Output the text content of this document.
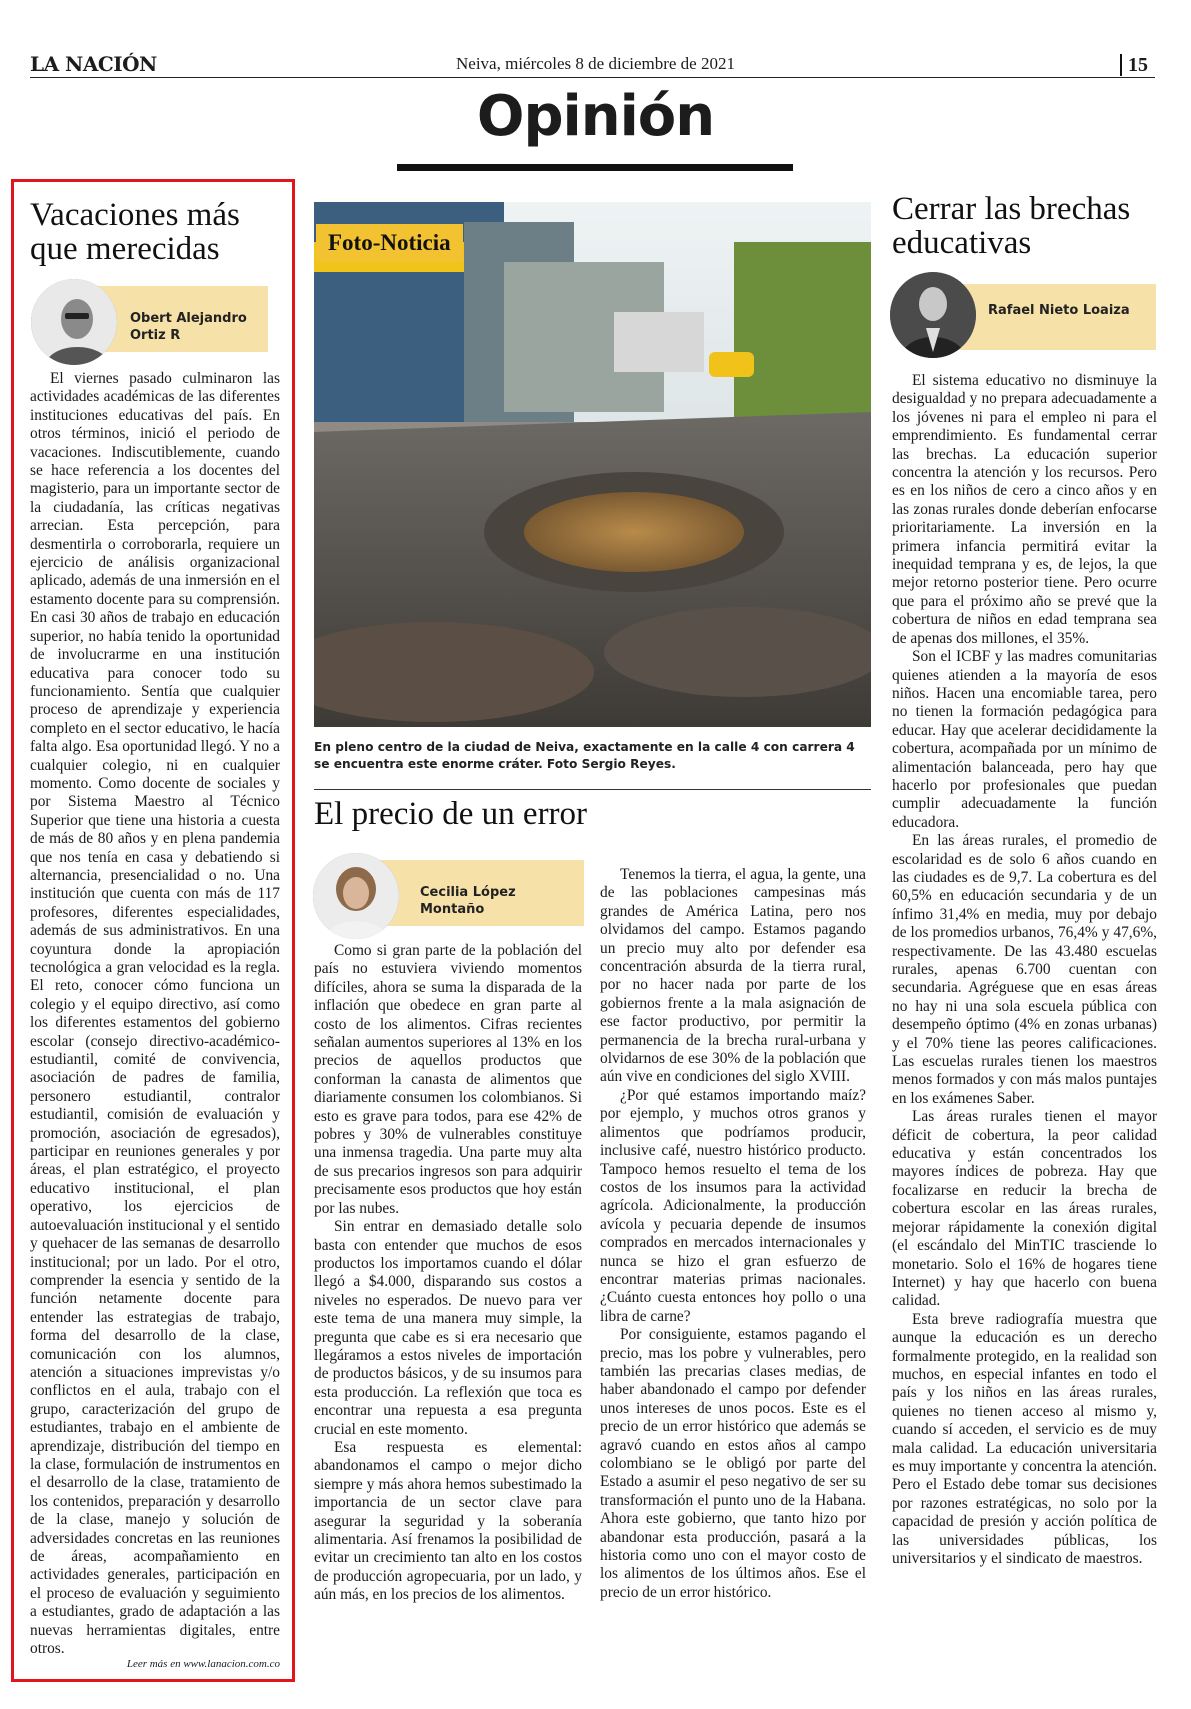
LA NACIÓN	Neiva, miércoles 8 de diciembre de 2021	15
Opinión
Vacaciones más que merecidas
Obert Alejandro Ortiz R

El viernes pasado culminaron las actividades académicas de las diferentes instituciones educativas del país. En otros términos, inició el periodo de vacaciones. Indiscutiblemente, cuando se hace referencia a los docentes del magisterio, para un importante sector de la ciudadanía, las críticas negativas arrecian. Esta percepción, para desmentirla o corroborarla, requiere un ejercicio de análisis organizacional aplicado, además de una inmersión en el estamento docente para su comprensión. En casi 30 años de trabajo en educación superior, no había tenido la oportunidad de involucrarme en una institución educativa para conocer todo su funcionamiento. Sentía que cualquier proceso de aprendizaje y experiencia completo en el sector educativo, le hacía falta algo. Esa oportunidad llegó. Y no a cualquier colegio, ni en cualquier momento. Como docente de sociales y por Sistema Maestro al Técnico Superior que tiene una historia a cuesta de más de 80 años y en plena pandemia que nos tenía en casa y debatiendo si alternancia, presencialidad o no. Una institución que cuenta con más de 117 profesores, diferentes especialidades, además de sus administrativos. En una coyuntura donde la apropiación tecnológica a gran velocidad es la regla. El reto, conocer cómo funciona un colegio y el equipo directivo, así como los diferentes estamentos del gobierno escolar (consejo directivo-académico-estudiantil, comité de convivencia, asociación de padres de familia, personero estudiantil, contralor estudiantil, comisión de evaluación y promoción, asociación de egresados), participar en reuniones generales y por áreas, el plan estratégico, el proyecto educativo institucional, el plan operativo, los ejercicios de autoevaluación institucional y el sentido y quehacer de las semanas de desarrollo institucional; por un lado. Por el otro, comprender la esencia y sentido de la función netamente docente para entender las estrategias de trabajo, forma del desarrollo de la clase, comunicación con los alumnos, atención a situaciones imprevistas y/o conflictos en el aula, trabajo con el grupo, caracterización del grupo de estudiantes, trabajo en el ambiente de aprendizaje, distribución del tiempo en la clase, formulación de instrumentos en el desarrollo de la clase, tratamiento de los contenidos, preparación y desarrollo de la clase, manejo y solución de adversidades concretas en las reuniones de áreas, acompañamiento en actividades generales, participación en el proceso de evaluación y seguimiento a estudiantes, grado de adaptación a las nuevas herramientas digitales, entre otros.

Leer más en www.lanacion.com.co
Foto-Noticia
En pleno centro de la ciudad de Neiva, exactamente en la calle 4 con carrera 4 se encuentra este enorme cráter. Foto Sergio Reyes.
El precio de un error
Cecilia López Montaño

Como si gran parte de la población del país no estuviera viviendo momentos difíciles, ahora se suma la disparada de la inflación que obedece en gran parte al costo de los alimentos. Cifras recientes señalan aumentos superiores al 13% en los precios de aquellos productos que conforman la canasta de alimentos que diariamente consumen los colombianos. Si esto es grave para todos, para ese 42% de pobres y 30% de vulnerables constituye una inmensa tragedia. Una parte muy alta de sus precarios ingresos son para adquirir precisamente esos productos que hoy están por las nubes.

Sin entrar en demasiado detalle solo basta con entender que muchos de esos productos los importamos cuando el dólar llegó a $4.000, disparando sus costos a niveles no esperados. De nuevo para ver este tema de una manera muy simple, la pregunta que cabe es si era necesario que llegáramos a estos niveles de importación de productos básicos, y de su insumos para esta producción. La reflexión que toca es encontrar una repuesta a esa pregunta crucial en este momento.

Esa respuesta es elemental: abandonamos el campo o mejor dicho siempre y más ahora hemos subestimado la importancia de un sector clave para asegurar la seguridad y la soberanía alimentaria. Así frenamos la posibilidad de evitar un crecimiento tan alto en los costos de producción agropecuaria, por un lado, y aún más, en los precios de los alimentos.

Tenemos la tierra, el agua, la gente, una de las poblaciones campesinas más grandes de América Latina, pero nos olvidamos del campo. Estamos pagando un precio muy alto por defender esa concentración absurda de la tierra rural, por no hacer nada por parte de los gobiernos frente a la mala asignación de ese factor productivo, por permitir la permanencia de la brecha rural-urbana y olvidarnos de ese 30% de la población que aún vive en condiciones del siglo XVIII.

¿Por qué estamos importando maíz? por ejemplo, y muchos otros granos y alimentos que podríamos producir, inclusive café, nuestro histórico producto. Tampoco hemos resuelto el tema de los costos de los insumos para la actividad agrícola. Adicionalmente, la producción avícola y pecuaria depende de insumos comprados en mercados internacionales y nunca se hizo el gran esfuerzo de encontrar materias primas nacionales. ¿Cuánto cuesta entonces hoy pollo o una libra de carne?

Por consiguiente, estamos pagando el precio, mas los pobre y vulnerables, pero también las precarias clases medias, de haber abandonado el campo por defender unos intereses de unos pocos. Este es el precio de un error histórico que además se agravó cuando en estos años al campo colombiano se le obligó por parte del Estado a asumir el peso negativo de ser su transformación el punto uno de la Habana. Ahora este gobierno, que tanto hizo por abandonar esta producción, pasará a la historia como uno con el mayor costo de los alimentos de los últimos años. Ese el precio de un error histórico.

Cerrar las brechas educativas
Rafael Nieto Loaiza

El sistema educativo no disminuye la desigualdad y no prepara adecuadamente a los jóvenes ni para el empleo ni para el emprendimiento. Es fundamental cerrar las brechas. La educación superior concentra la atención y los recursos. Pero es en los niños de cero a cinco años y en las zonas rurales donde deberían enfocarse prioritariamente. La inversión en la primera infancia permitirá evitar la inequidad temprana y es, de lejos, la que mejor retorno posterior tiene. Pero ocurre que para el próximo año se prevé que la cobertura de niños en edad temprana sea de apenas dos millones, el 35%.

Son el ICBF y las madres comunitarias quienes atienden a la mayoría de esos niños. Hacen una encomiable tarea, pero no tienen la formación pedagógica para educar. Hay que acelerar decididamente la cobertura, acompañada por un mínimo de alimentación balanceada, pero hay que hacerlo por profesionales que puedan cumplir adecuadamente la función educadora.

En las áreas rurales, el promedio de escolaridad es de solo 6 años cuando en las ciudades es de 9,7. La cobertura es del 60,5% en educación secundaria y de un ínfimo 31,4% en media, muy por debajo de los promedios urbanos, 76,4% y 47,6%, respectivamente. De las 43.480 escuelas rurales, apenas 6.700 cuentan con secundaria. Agréguese que en esas áreas no hay ni una sola escuela pública con desempeño óptimo (4% en zonas urbanas) y el 70% tiene las peores calificaciones. Las escuelas rurales tienen los maestros menos formados y con más malos puntajes en los exámenes Saber.

Las áreas rurales tienen el mayor déficit de cobertura, la peor calidad educativa y están concentrados los mayores índices de pobreza. Hay que focalizarse en reducir la brecha de cobertura escolar en las áreas rurales, mejorar rápidamente la conexión digital (el escándalo del MinTIC trasciende lo monetario. Solo el 16% de hogares tiene Internet) y hay que hacerlo con buena calidad.

Esta breve radiografía muestra que aunque la educación es un derecho formalmente protegido, en la realidad son muchos, en especial infantes en todo el país y los niños en las áreas rurales, quienes no tienen acceso al mismo y, cuando sí acceden, el servicio es de muy mala calidad. La educación universitaria es muy importante y concentra la atención. Pero el Estado debe tomar sus decisiones por razones estratégicas, no solo por la capacidad de presión y acción política de las universidades públicas, los universitarios y el sindicato de maestros.
